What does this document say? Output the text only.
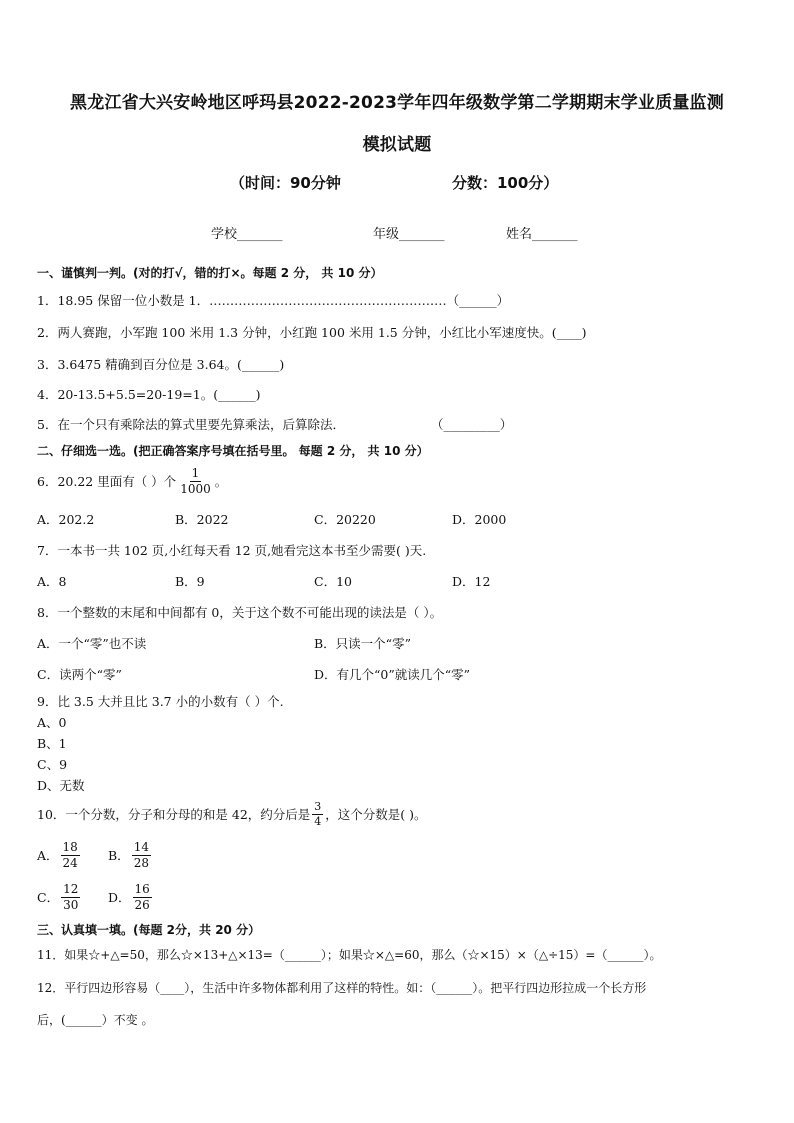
黑龙江省大兴安岭地区呼玛县2022-2023学年四年级数学第二学期期末学业质量监测
模拟试题
（时间：90分钟	分数：100分）
学校_______	年级_______	姓名_______
一、谨慎判一判。(对的打√，错的打×。每题 2 分， 共 10 分）
1．18.95 保留一位小数是 1．…………………………………………………（______）
2．两人赛跑，小军跑 100 米用 1.3 分钟，小红跑 100 米用 1.5 分钟，小红比小军速度快。(____)
3．3.6475 精确到百分位是 3.64。(______)
4．20-13.5+5.5=20-19=1。(______)
5．在一个只有乘除法的算式里要先算乘法，后算除法．	（_________）
二、仔细选一选。(把正确答案序号填在括号里。 每题 2 分， 共 10 分）
6．20.22 里面有（ ）个 $\frac{1}{1000}$ 。
A．202.2	B．2022	C．20220	D．2000
7．一本书一共 102 页,小红每天看 12 页,她看完这本书至少需要( )天.
A．8	B．9	C．10	D．12
8．一个整数的末尾和中间都有 0，关于这个数不可能出现的读法是（ ）。
A．一个“零”也不读	B．只读一个“零”
C．读两个“零”	D．有几个“0”就读几个“零”
9．比 3.5 大并且比 3.7 小的小数有（ ）个.
A、0
B、1
C、9
D、无数
10．一个分数，分子和分母的和是 42，约分后是 $\frac{3}{4}$ ，这个分数是( )。
A． $\frac{18}{24}$ B． $\frac{14}{28}$
C． $\frac{12}{30}$ D． $\frac{16}{26}$
三、认真填一填。(每题 2分，共 20 分）
11．如果☆+△=50，那么☆×13+△×13=（______）；如果☆×△=60，那么（☆×15）×（△÷15）=（______）。
12．平行四边形容易（____），生活中许多物体都利用了这样的特性。如：（______）。把平行四边形拉成一个长方形
后，(______）不变 。
